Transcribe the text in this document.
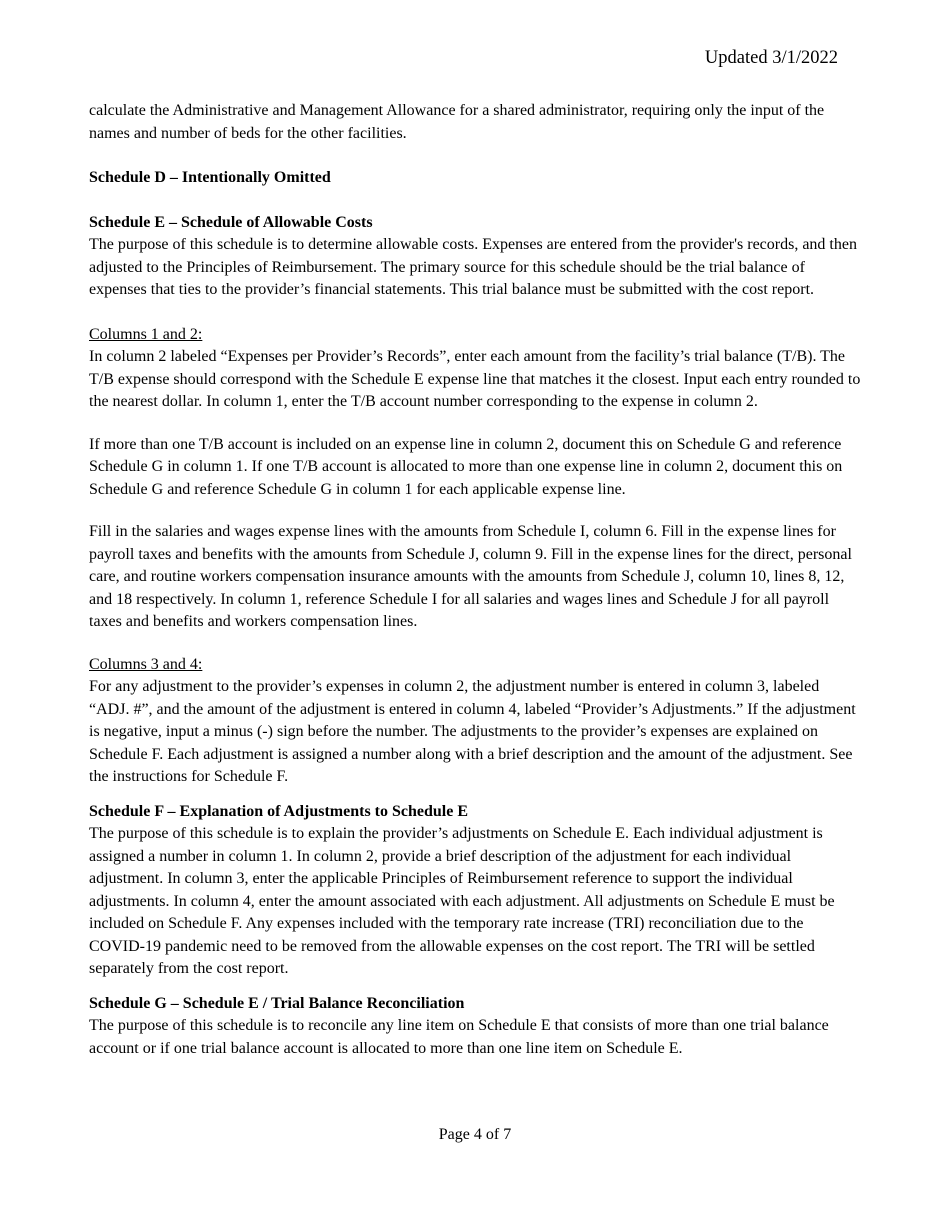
Updated 3/1/2022

calculate the Administrative and Management Allowance for a shared administrator, requiring only the input of the names and number of beds for the other facilities.

Schedule D – Intentionally Omitted

Schedule E – Schedule of Allowable Costs

The purpose of this schedule is to determine allowable costs. Expenses are entered from the provider's records, and then adjusted to the Principles of Reimbursement. The primary source for this schedule should be the trial balance of expenses that ties to the provider’s financial statements. This trial balance must be submitted with the cost report.

Columns 1 and 2:

In column 2 labeled “Expenses per Provider’s Records”, enter each amount from the facility’s trial balance (T/B). The T/B expense should correspond with the Schedule E expense line that matches it the closest. Input each entry rounded to the nearest dollar. In column 1, enter the T/B account number corresponding to the expense in column 2.

If more than one T/B account is included on an expense line in column 2, document this on Schedule G and reference Schedule G in column 1. If one T/B account is allocated to more than one expense line in column 2, document this on Schedule G and reference Schedule G in column 1 for each applicable expense line.

Fill in the salaries and wages expense lines with the amounts from Schedule I, column 6. Fill in the expense lines for payroll taxes and benefits with the amounts from Schedule J, column 9. Fill in the expense lines for the direct, personal care, and routine workers compensation insurance amounts with the amounts from Schedule J, column 10, lines 8, 12, and 18 respectively. In column 1, reference Schedule I for all salaries and wages lines and Schedule J for all payroll taxes and benefits and workers compensation lines.

Columns 3 and 4:

For any adjustment to the provider’s expenses in column 2, the adjustment number is entered in column 3, labeled “ADJ. #”, and the amount of the adjustment is entered in column 4, labeled “Provider’s Adjustments.” If the adjustment is negative, input a minus (-) sign before the number. The adjustments to the provider’s expenses are explained on Schedule F. Each adjustment is assigned a number along with a brief description and the amount of the adjustment. See the instructions for Schedule F.

Schedule F – Explanation of Adjustments to Schedule E

The purpose of this schedule is to explain the provider’s adjustments on Schedule E. Each individual adjustment is assigned a number in column 1. In column 2, provide a brief description of the adjustment for each individual adjustment. In column 3, enter the applicable Principles of Reimbursement reference to support the individual adjustments. In column 4, enter the amount associated with each adjustment. All adjustments on Schedule E must be included on Schedule F. Any expenses included with the temporary rate increase (TRI) reconciliation due to the COVID-19 pandemic need to be removed from the allowable expenses on the cost report. The TRI will be settled separately from the cost report.

Schedule G – Schedule E / Trial Balance Reconciliation

The purpose of this schedule is to reconcile any line item on Schedule E that consists of more than one trial balance account or if one trial balance account is allocated to more than one line item on Schedule E.

Page 4 of 7
